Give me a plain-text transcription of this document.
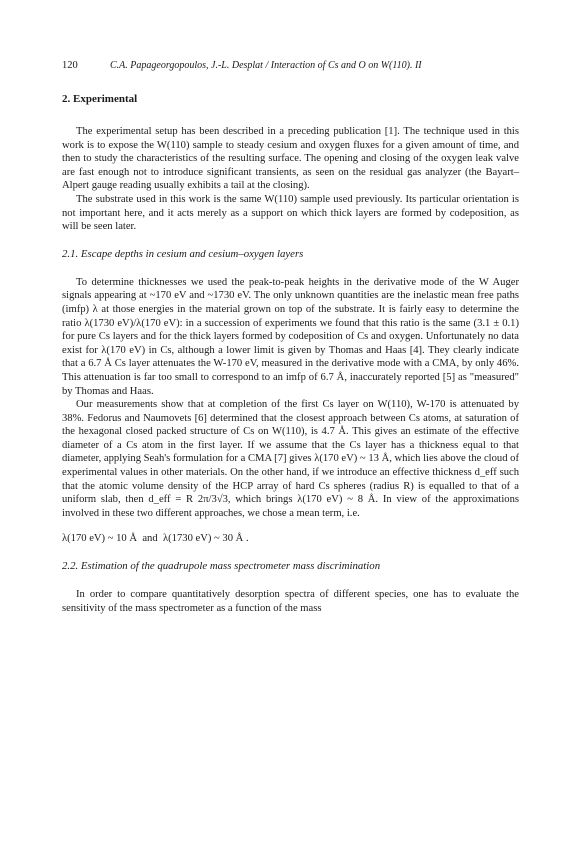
120	C.A. Papageorgopoulos, J.-L. Desplat / Interaction of Cs and O on W(110). II
2. Experimental

The experimental setup has been described in a preceding publication [1]. The technique used in this work is to expose the W(110) sample to steady cesium and oxygen fluxes for a given amount of time, and then to study the characteristics of the resulting surface. The opening and closing of the oxygen leak valve are fast enough not to introduce significant transients, as seen on the residual gas analyzer (the Bayart–Alpert gauge reading usually exhibits a tail at the closing).

The substrate used in this work is the same W(110) sample used previously. Its particular orientation is not important here, and it acts merely as a support on which thick layers are formed by codeposition, as will be seen later.

2.1. Escape depths in cesium and cesium–oxygen layers

To determine thicknesses we used the peak-to-peak heights in the derivative mode of the W Auger signals appearing at ~170 eV and ~1730 eV. The only unknown quantities are the inelastic mean free paths (imfp) λ at those energies in the material grown on top of the substrate. It is fairly easy to determine the ratio λ(1730 eV)/λ(170 eV): in a succession of experiments we found that this ratio is the same (3.1 ± 0.1) for pure Cs layers and for the thick layers formed by codeposition of Cs and oxygen. Unfortunately no data exist for λ(170 eV) in Cs, although a lower limit is given by Thomas and Haas [4]. They clearly indicate that a 6.7 Å Cs layer attenuates the W-170 eV, measured in the derivative mode with a CMA, by only 46%. This attenuation is far too small to correspond to an imfp of 6.7 Å, inaccurately reported [5] as "measured" by Thomas and Haas.

Our measurements show that at completion of the first Cs layer on W(110), W-170 is attenuated by 38%. Fedorus and Naumovets [6] determined that the closest approach between Cs atoms, at saturation of the hexagonal closed packed structure of Cs on W(110), is 4.7 Å. This gives an estimate of the effective diameter of a Cs atom in the first layer. If we assume that the Cs layer has a thickness equal to that diameter, applying Seah's formulation for a CMA [7] gives λ(170 eV) ~ 13 Å, which lies above the cloud of experimental values in other materials. On the other hand, if we introduce an effective thickness d_eff such that the atomic volume density of the HCP array of hard Cs spheres (radius R) is equalled to that of a uniform slab, then d_eff = R 2π/3√3, which brings λ(170 eV) ~ 8 Å. In view of the approximations involved in these two different approaches, we chose a mean term, i.e.

λ(170 eV) ~ 10 Å and λ(1730 eV) ~ 30 Å .

2.2. Estimation of the quadrupole mass spectrometer mass discrimination

In order to compare quantitatively desorption spectra of different species, one has to evaluate the sensitivity of the mass spectrometer as a function of the mass
